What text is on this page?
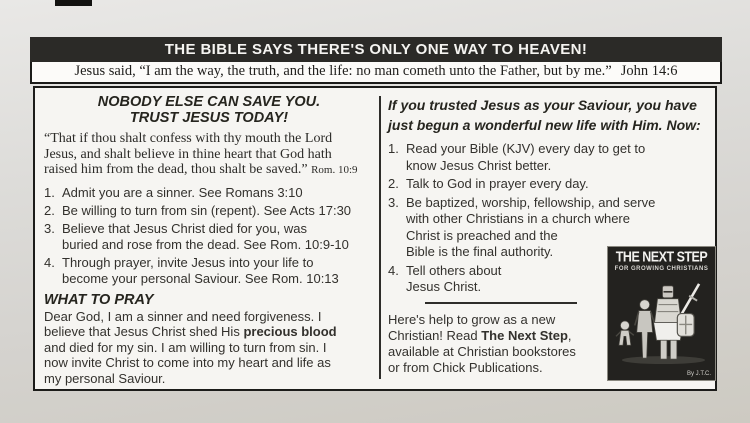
THE BIBLE SAYS THERE'S ONLY ONE WAY TO HEAVEN!
Jesus said, “I am the way, the truth, and the life: no man cometh unto the Father, but by me.” John 14:6
NOBODY ELSE CAN SAVE YOU.
TRUST JESUS TODAY!
“That if thou shalt confess with thy mouth the Lord
Jesus, and shalt believe in thine heart that God hath
raised him from the dead, thou shalt be saved.” Rom. 10:9
1. Admit you are a sinner. See Romans 3:10
2. Be willing to turn from sin (repent). See Acts 17:30
3. Believe that Jesus Christ died for you, was
buried and rose from the dead. See Rom. 10:9-10
4. Through prayer, invite Jesus into your life to
become your personal Saviour. See Rom. 10:13
WHAT TO PRAY
Dear God, I am a sinner and need forgiveness. I
believe that Jesus Christ shed His precious blood
and died for my sin. I am willing to turn from sin. I
now invite Christ to come into my heart and life as
my personal Saviour.
If you trusted Jesus as your Saviour, you have
just begun a wonderful new life with Him. Now:
1. Read your Bible (KJV) every day to get to
know Jesus Christ better.
2. Talk to God in prayer every day.
3. Be baptized, worship, fellowship, and serve
with other Christians in a church where
Christ is preached and the
Bible is the final authority.
4. Tell others about
Jesus Christ.
Here's help to grow as a new
Christian! Read The Next Step,
available at Christian bookstores
or from Chick Publications.
THE NEXT STEP
FOR GROWING CHRISTIANS
By J.T.C.
